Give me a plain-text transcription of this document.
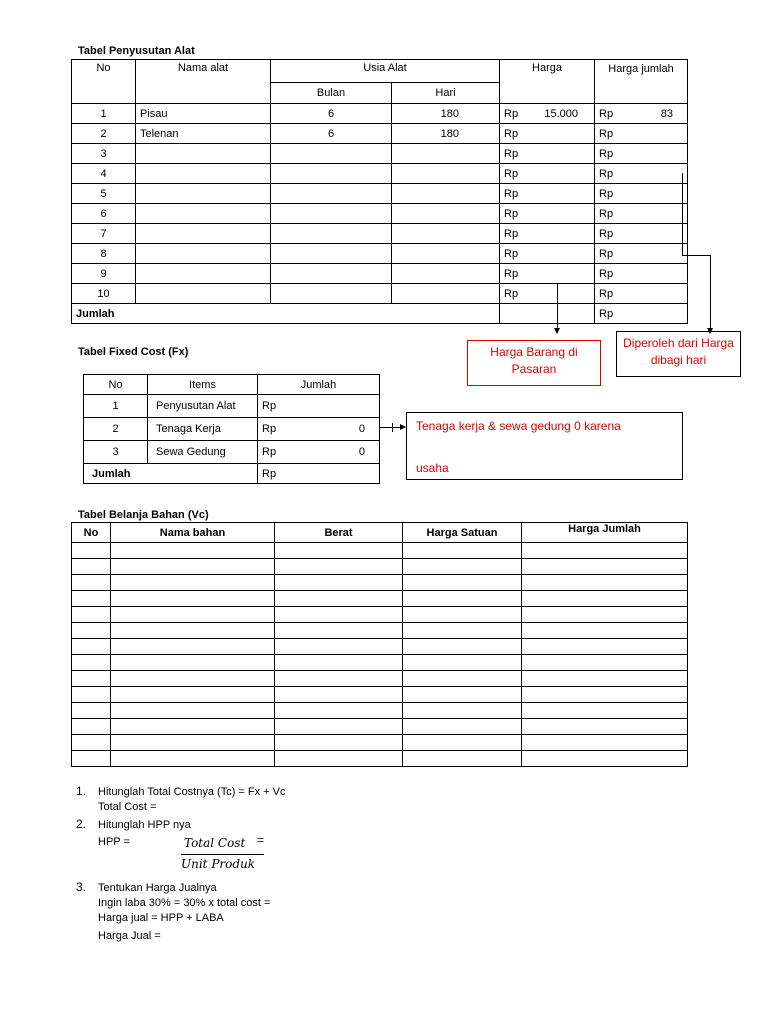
Tabel Penyusutan Alat
No	Nama alat	Usia Alat		Harga	Harga jumlah
		Bulan	Hari		
1	Pisau	6	180	Rp 15.000	Rp 83

2	Telenan	6	180	Rp	Rp

3				Rp	Rp

4				Rp	Rp

5				Rp	Rp

6				Rp	Rp

7				Rp	Rp

8				Rp	Rp

9				Rp	Rp

10				Rp	Rp

Jumlah					Rp
Harga Barang di Pasaran
Diperoleh dari Harga dibagi hari
Tabel Fixed Cost (Fx)
No	Items	Jumlah
1	Penyusutan Alat	Rp

2	Tenaga Kerja	Rp 0

3	Sewa Gedung	Rp 0

Jumlah		Rp
Tenaga kerja & sewa gedung 0 karena
usaha
Tabel Belanja Bahan (Vc)
No	Nama bahan	Berat	Harga Satuan	Harga Jumlah

1. Hitunglah Total Costnya (Tc) = Fx + Vc
Total Cost =
2. Hitunglah HPP nya
HPP =	Total Cost =
Unit Produk
3. Tentukan Harga Jualnya
Ingin laba 30% = 30% x total cost =
Harga jual = HPP + LABA
Harga Jual =
